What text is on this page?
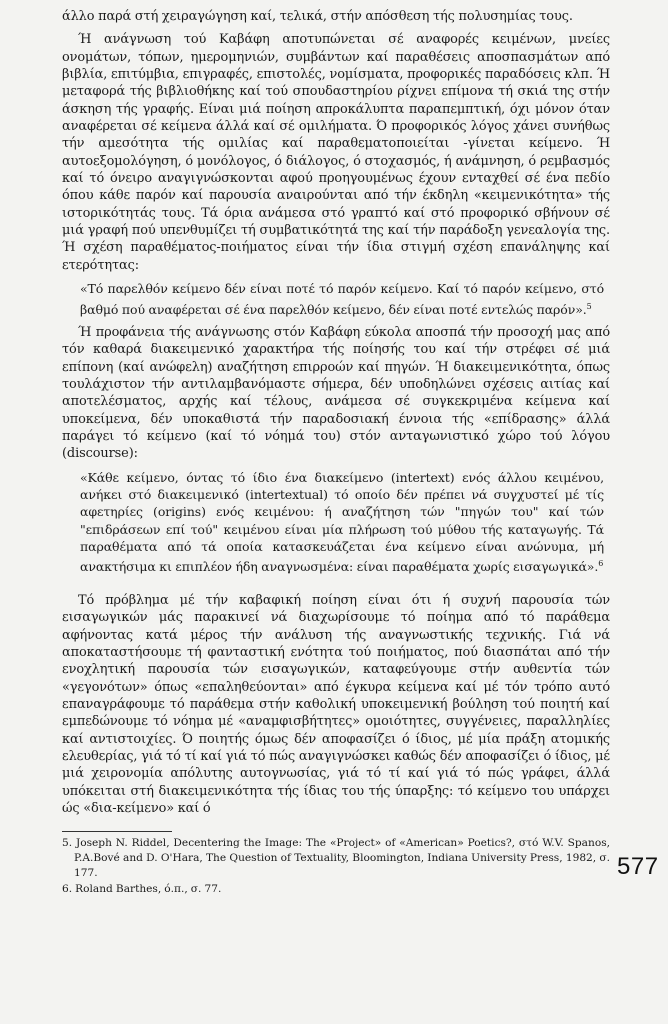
άλλο παρά στή χειραγώγηση καί, τελικά, στήν απόσθεση τής πολυσημίας τους.

Ή ανάγνωση τού Καβάφη αποτυπώνεται σέ αναφορές κειμένων, μνείες ονομάτων, τόπων, ημερομηνιών, συμβάντων καί παραθέσεις αποσπασμάτων από βιβλία, επιτύμβια, επιγραφές, επιστολές, νομίσματα, προφορικές παραδόσεις κλπ. Ή μεταφορά τής βιβλιοθήκης καί τού σπουδαστηρίου ρίχνει επίμονα τή σκιά της στήν άσκηση τής γραφής. Είναι μιά ποίηση απροκάλυπτα παραπεμπτική, όχι μόνον όταν αναφέρεται σέ κείμενα άλλά καί σέ ομιλήματα. Ό προφορικός λόγος χάνει συνήθως τήν αμεσότητα τής ομιλίας καί παραθεματοποιείται -γίνεται κείμενο. Ή αυτοεξομολόγηση, ό μονόλογος, ό διάλογος, ό στοχασμός, ή ανάμνηση, ό ρεμβασμός καί τό όνειρο αναγιγνώσκονται αφού προηγουμένως έχουν ενταχθεί σέ ένα πεδίο όπου κάθε παρόν καί παρουσία αναιρούνται από τήν έκδηλη «κειμενικότητα» τής ιστορικότητάς τους. Τά όρια ανάμεσα στό γραπτό καί στό προφορικό σβήνουν σέ μιά γραφή πού υπενθυμίζει τή συμβατικότητά της καί τήν παράδοξη γενεαλογία της. Ή σχέση παραθέματος-ποιήματος είναι τήν ίδια στιγμή σχέση επανάληψης καί ετερότητας:

«Τό παρελθόν κείμενο δέν είναι ποτέ τό παρόν κείμενο. Καί τό παρόν κείμενο, στό βαθμό πού αναφέρεται σέ ένα παρελθόν κείμενο, δέν είναι ποτέ εντελώς παρόν».$^5$

Ή προφάνεια τής ανάγνωσης στόν Καβάφη εύκολα αποσπά τήν προσοχή μας από τόν καθαρά διακειμενικό χαρακτήρα τής ποίησής του καί τήν στρέφει σέ μιά επίπονη (καί ανώφελη) αναζήτηση επιρροών καί πηγών. Ή διακειμενικότητα, όπως τουλάχιστον τήν αντιλαμβανόμαστε σήμερα, δέν υποδηλώνει σχέσεις αιτίας καί αποτελέσματος, αρχής καί τέλους, ανάμεσα σέ συγκεκριμένα κείμενα καί υποκείμενα, δέν υποκαθιστά τήν παραδοσιακή έννοια τής «επίδρασης» άλλά παράγει τό κείμενο (καί τό νόημά του) στόν ανταγωνιστικό χώρο τού λόγου (discourse):

«Κάθε κείμενο, όντας τό ίδιο ένα διακείμενο (intertext) ενός άλλου κειμένου, ανήκει στό διακειμενικό (intertextual) τό οποίο δέν πρέπει νά συγχυστεί μέ τίς αφετηρίες (origins) ενός κειμένου: ή αναζήτηση τών "πηγών του" καί τών "επιδράσεων επί τού" κειμένου είναι μία πλήρωση τού μύθου τής καταγωγής. Τά παραθέματα από τά οποία κατασκευάζεται ένα κείμενο είναι ανώνυμα, μή ανακτήσιμα κι επιπλέον ήδη αναγνωσμένα: είναι παραθέματα χωρίς εισαγωγικά».$^6$

Τό πρόβλημα μέ τήν καβαφική ποίηση είναι ότι ή συχνή παρουσία τών εισαγωγικών μάς παρακινεί νά διαχωρίσουμε τό ποίημα από τό παράθεμα αφήνοντας κατά μέρος τήν ανάλυση τής αναγνωστικής τεχνικής. Γιά νά αποκαταστήσουμε τή φανταστική ενότητα τού ποιήματος, πού διασπάται από τήν ενοχλητική παρουσία τών εισαγωγικών, καταφεύγουμε στήν αυθεντία τών «γεγονότων» όπως «επαληθεύονται» από έγκυρα κείμενα καί μέ τόν τρόπο αυτό επαναγράφουμε τό παράθεμα στήν καθολική υποκειμενική βούληση τού ποιητή καί εμπεδώνουμε τό νόημα μέ «αναμφισβήτητες» ομοιότητες, συγγένειες, παραλληλίες καί αντιστοιχίες. Ό ποιητής όμως δέν αποφασίζει ό ίδιος, μέ μία πράξη ατομικής ελευθερίας, γιά τό τί καί γιά τό πώς αναγιγνώσκει καθώς δέν αποφασίζει ό ίδιος, μέ μιά χειρονομία απόλυτης αυτογνωσίας, γιά τό τί καί γιά τό πώς γράφει, άλλά υπόκειται στή διακειμενικότητα τής ίδιας του τής ύπαρξης: τό κείμενο του υπάρχει ώς «δια-κείμενο» καί ό

5. Joseph N. Riddel, Decentering the Image: The «Project» of «American» Poetics?, στό W.V. Spanos, P.A.Bové and D. O'Hara, The Question of Textuality, Bloomington, Indiana University Press, 1982, σ. 177.

6. Roland Barthes, ό.π., σ. 77.

577
